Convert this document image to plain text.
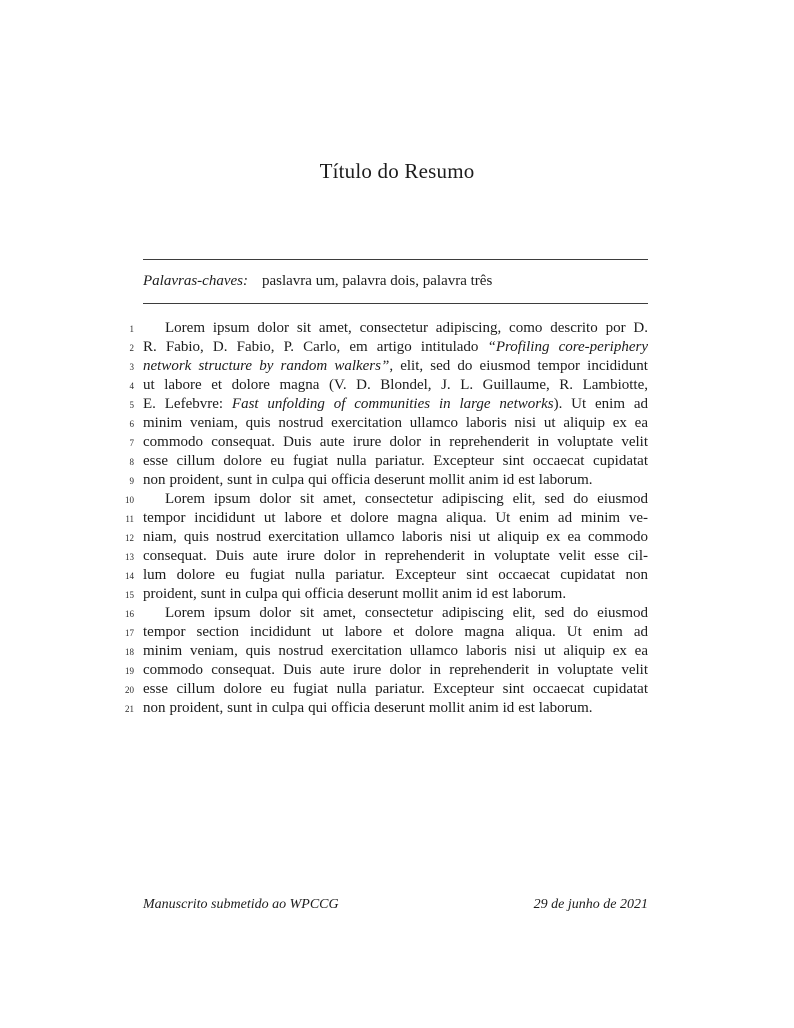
Título do Resumo
Palavras-chaves: paslavra um, palavra dois, palavra três
1	Lorem ipsum dolor sit amet, consectetur adipiscing, como descrito por D.
2 R. Fabio, D. Fabio, P. Carlo, em artigo intitulado “Profiling core-periphery
3 network structure by random walkers”, elit, sed do eiusmod tempor incididunt
4 ut labore et dolore magna (V. D. Blondel, J. L. Guillaume, R. Lambiotte,
5 E. Lefebvre: Fast unfolding of communities in large networks). Ut enim ad
6 minim veniam, quis nostrud exercitation ullamco laboris nisi ut aliquip ex ea
7 commodo consequat. Duis aute irure dolor in reprehenderit in voluptate velit
8 esse cillum dolore eu fugiat nulla pariatur. Excepteur sint occaecat cupidatat
9 non proident, sunt in culpa qui officia deserunt mollit anim id est laborum.
10	Lorem ipsum dolor sit amet, consectetur adipiscing elit, sed do eiusmod
11 tempor incididunt ut labore et dolore magna aliqua. Ut enim ad minim ve-
12 niam, quis nostrud exercitation ullamco laboris nisi ut aliquip ex ea commodo
13 consequat. Duis aute irure dolor in reprehenderit in voluptate velit esse cil-
14 lum dolore eu fugiat nulla pariatur. Excepteur sint occaecat cupidatat non
15 proident, sunt in culpa qui officia deserunt mollit anim id est laborum.
16	Lorem ipsum dolor sit amet, consectetur adipiscing elit, sed do eiusmod
17 tempor section incididunt ut labore et dolore magna aliqua. Ut enim ad
18 minim veniam, quis nostrud exercitation ullamco laboris nisi ut aliquip ex ea
19 commodo consequat. Duis aute irure dolor in reprehenderit in voluptate velit
20 esse cillum dolore eu fugiat nulla pariatur. Excepteur sint occaecat cupidatat
21 non proident, sunt in culpa qui officia deserunt mollit anim id est laborum.
Manuscrito submetido ao WPCCG	29 de junho de 2021
